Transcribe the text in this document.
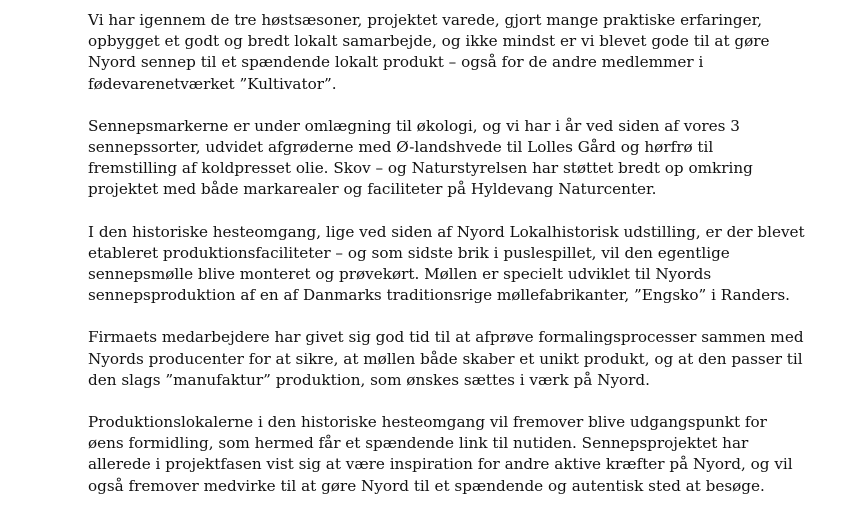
Vi har igennem de tre høstsæsoner, projektet varede, gjort mange praktiske erfaringer,
opbygget et godt og bredt lokalt samarbejde, og ikke mindst er vi blevet gode til at gøre
Nyord sennep til et spændende lokalt produkt – også for de andre medlemmer i
fødevarenetværket ”Kultivator”.

Sennepsmarkerne er under omlægning til økologi, og vi har i år ved siden af vores 3
sennepssorter, udvidet afgrøderne med Ø-landshvede til Lolles Gård og hørfrø til
fremstilling af koldpresset olie. Skov – og Naturstyrelsen har støttet bredt op omkring
projektet med både markarealer og faciliteter på Hyldevang Naturcenter.

I den historiske hesteomgang, lige ved siden af Nyord Lokalhistorisk udstilling, er der blevet
etableret produktionsfaciliteter – og som sidste brik i puslespillet, vil den egentlige
sennepsmølle blive monteret og prøvekørt. Møllen er specielt udviklet til Nyords
sennepsproduktion af en af Danmarks traditionsrige møllefabrikanter, ”Engsko” i Randers.

Firmaets medarbejdere har givet sig god tid til at afprøve formalingsprocesser sammen med
Nyords producenter for at sikre, at møllen både skaber et unikt produkt, og at den passer til
den slags ”manufaktur” produktion, som ønskes sættes i værk på Nyord.

Produktionslokalerne i den historiske hesteomgang vil fremover blive udgangspunkt for
øens formidling, som hermed får et spændende link til nutiden. Sennepsprojektet har
allerede i projektfasen vist sig at være inspiration for andre aktive kræfter på Nyord, og vil
også fremover medvirke til at gøre Nyord til et spændende og autentisk sted at besøge.
